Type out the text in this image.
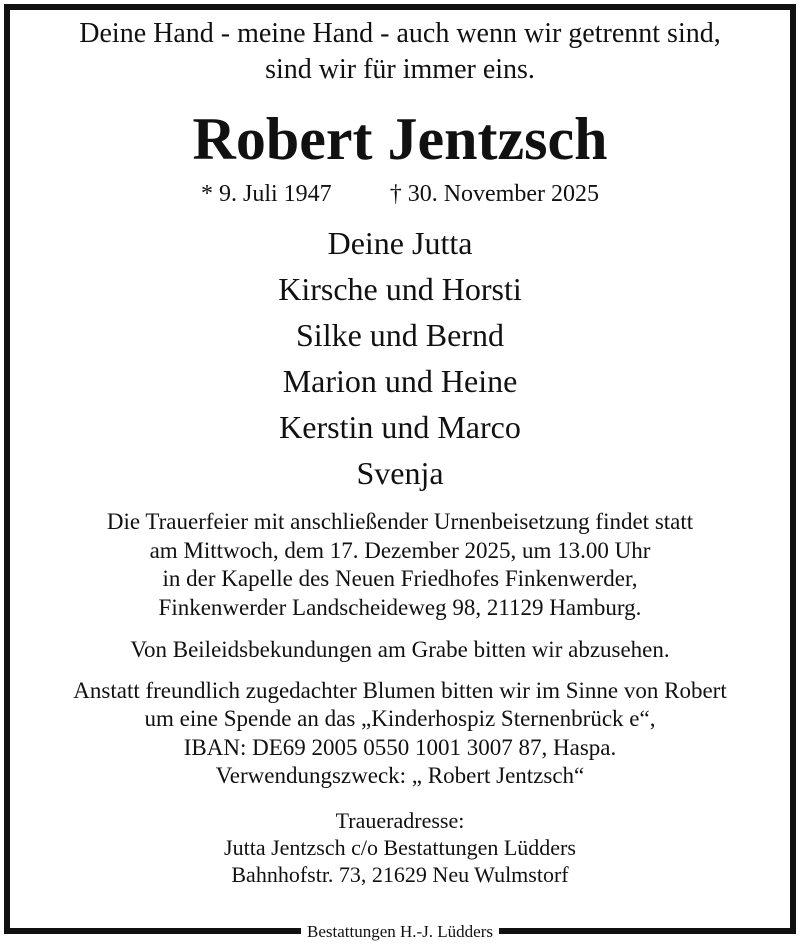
Deine Hand - meine Hand - auch wenn wir getrennt sind,
sind wir für immer eins.
Robert Jentzsch
* 9. Juli 1947 † 30. November 2025
Deine Jutta
Kirsche und Horsti
Silke und Bernd
Marion und Heine
Kerstin und Marco
Svenja
Die Trauerfeier mit anschließender Urnenbeisetzung findet statt
am Mittwoch, dem 17. Dezember 2025, um 13.00 Uhr
in der Kapelle des Neuen Friedhofes Finkenwerder,
Finkenwerder Landscheideweg 98, 21129 Hamburg.
Von Beileidsbekundungen am Grabe bitten wir abzusehen.
Anstatt freundlich zugedachter Blumen bitten wir im Sinne von Robert
um eine Spende an das „Kinderhospiz Sternenbrück e“,
IBAN: DE69 2005 0550 1001 3007 87, Haspa.
Verwendungszweck: „ Robert Jentzsch“
Traueradresse:
Jutta Jentzsch c/o Bestattungen Lüdders
Bahnhofstr. 73, 21629 Neu Wulmstorf
Bestattungen H.-J. Lüdders
